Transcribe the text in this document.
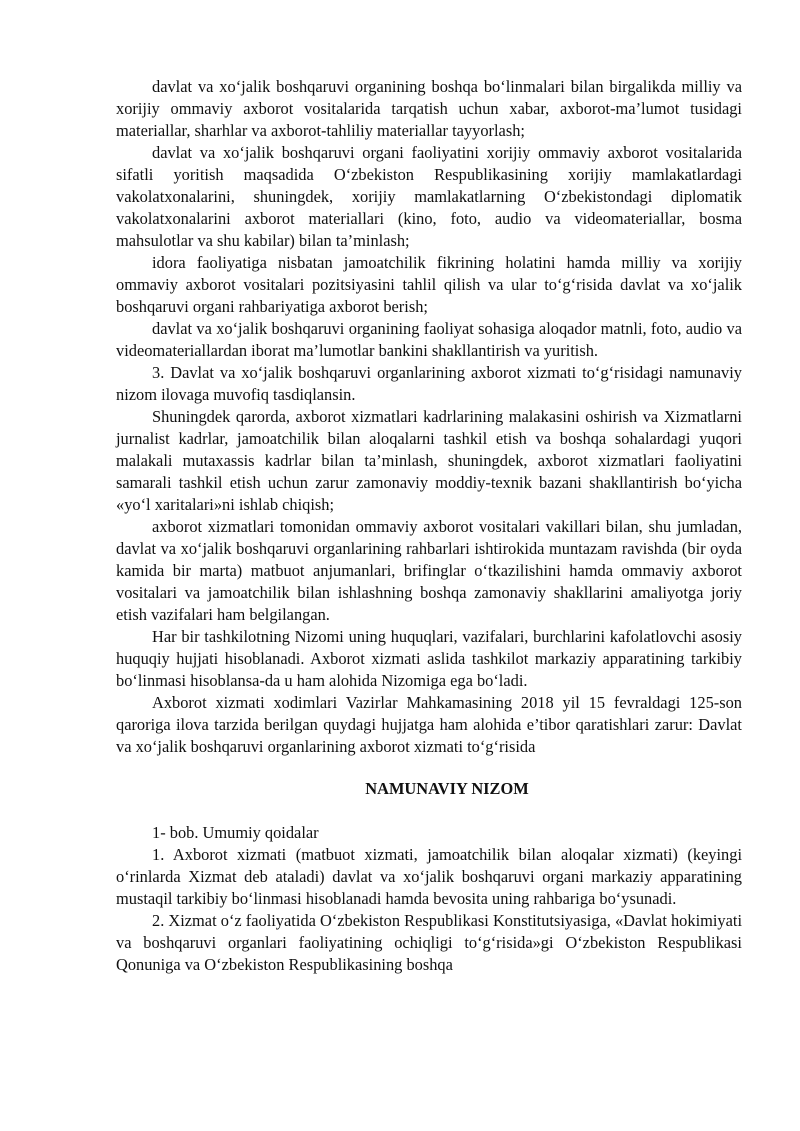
davlat va xo‘jalik boshqaruvi organining boshqa bo‘linmalari bilan birgalikda milliy va xorijiy ommaviy axborot vositalarida tarqatish uchun xabar, axborot-ma’lumot tusidagi materiallar, sharhlar va axborot-tahliliy materiallar tayyorlash;

davlat va xo‘jalik boshqaruvi organi faoliyatini xorijiy ommaviy axborot vositalarida sifatli yoritish maqsadida O‘zbekiston Respublikasining xorijiy mamlakatlardagi vakolatxonalarini, shuningdek, xorijiy mamlakatlarning O‘zbekistondagi diplomatik vakolatxonalarini axborot materiallari (kino, foto, audio va videomateriallar, bosma mahsulotlar va shu kabilar) bilan ta’minlash;

idora faoliyatiga nisbatan jamoatchilik fikrining holatini hamda milliy va xorijiy ommaviy axborot vositalari pozitsiyasini tahlil qilish va ular to‘g‘risida davlat va xo‘jalik boshqaruvi organi rahbariyatiga axborot berish;

davlat va xo‘jalik boshqaruvi organining faoliyat sohasiga aloqador matnli, foto, audio va videomateriallardan iborat ma’lumotlar bankini shakllantirish va yuritish.

3. Davlat va xo‘jalik boshqaruvi organlarining axborot xizmati to‘g‘risidagi namunaviy nizom ilovaga muvofiq tasdiqlansin.

Shuningdek qarorda, axborot xizmatlari kadrlarining malakasini oshirish va Xizmatlarni jurnalist kadrlar, jamoatchilik bilan aloqalarni tashkil etish va boshqa sohalardagi yuqori malakali mutaxassis kadrlar bilan ta’minlash, shuningdek, axborot xizmatlari faoliyatini samarali tashkil etish uchun zarur zamonaviy moddiy-texnik bazani shakllantirish bo‘yicha «yo‘l xaritalari»ni ishlab chiqish;

axborot xizmatlari tomonidan ommaviy axborot vositalari vakillari bilan, shu jumladan, davlat va xo‘jalik boshqaruvi organlarining rahbarlari ishtirokida muntazam ravishda (bir oyda kamida bir marta) matbuot anjumanlari, brifinglar o‘tkazilishini hamda ommaviy axborot vositalari va jamoatchilik bilan ishlashning boshqa zamonaviy shakllarini amaliyotga joriy etish vazifalari ham belgilangan.

Har bir tashkilotning Nizomi uning huquqlari, vazifalari, burchlarini kafolatlovchi asosiy huquqiy hujjati hisoblanadi. Axborot xizmati aslida tashkilot markaziy apparatining tarkibiy bo‘linmasi hisoblansa-da u ham alohida Nizomiga ega bo‘ladi.

Axborot xizmati xodimlari Vazirlar Mahkamasining 2018 yil 15 fevraldagi 125-son qaroriga ilova tarzida berilgan quydagi hujjatga ham alohida e’tibor qaratishlari zarur: Davlat va xo‘jalik boshqaruvi organlarining axborot xizmati to‘g‘risida

NAMUNAVIY NIZOM

1- bob. Umumiy qoidalar

1. Axborot xizmati (matbuot xizmati, jamoatchilik bilan aloqalar xizmati) (keyingi o‘rinlarda Xizmat deb ataladi) davlat va xo‘jalik boshqaruvi organi markaziy apparatining mustaqil tarkibiy bo‘linmasi hisoblanadi hamda bevosita uning rahbariga bo‘ysunadi.

2. Xizmat o‘z faoliyatida O‘zbekiston Respublikasi Konstitutsiyasiga, «Davlat hokimiyati va boshqaruvi organlari faoliyatining ochiqligi to‘g‘risida»gi O‘zbekiston Respublikasi Qonuniga va O‘zbekiston Respublikasining boshqa
